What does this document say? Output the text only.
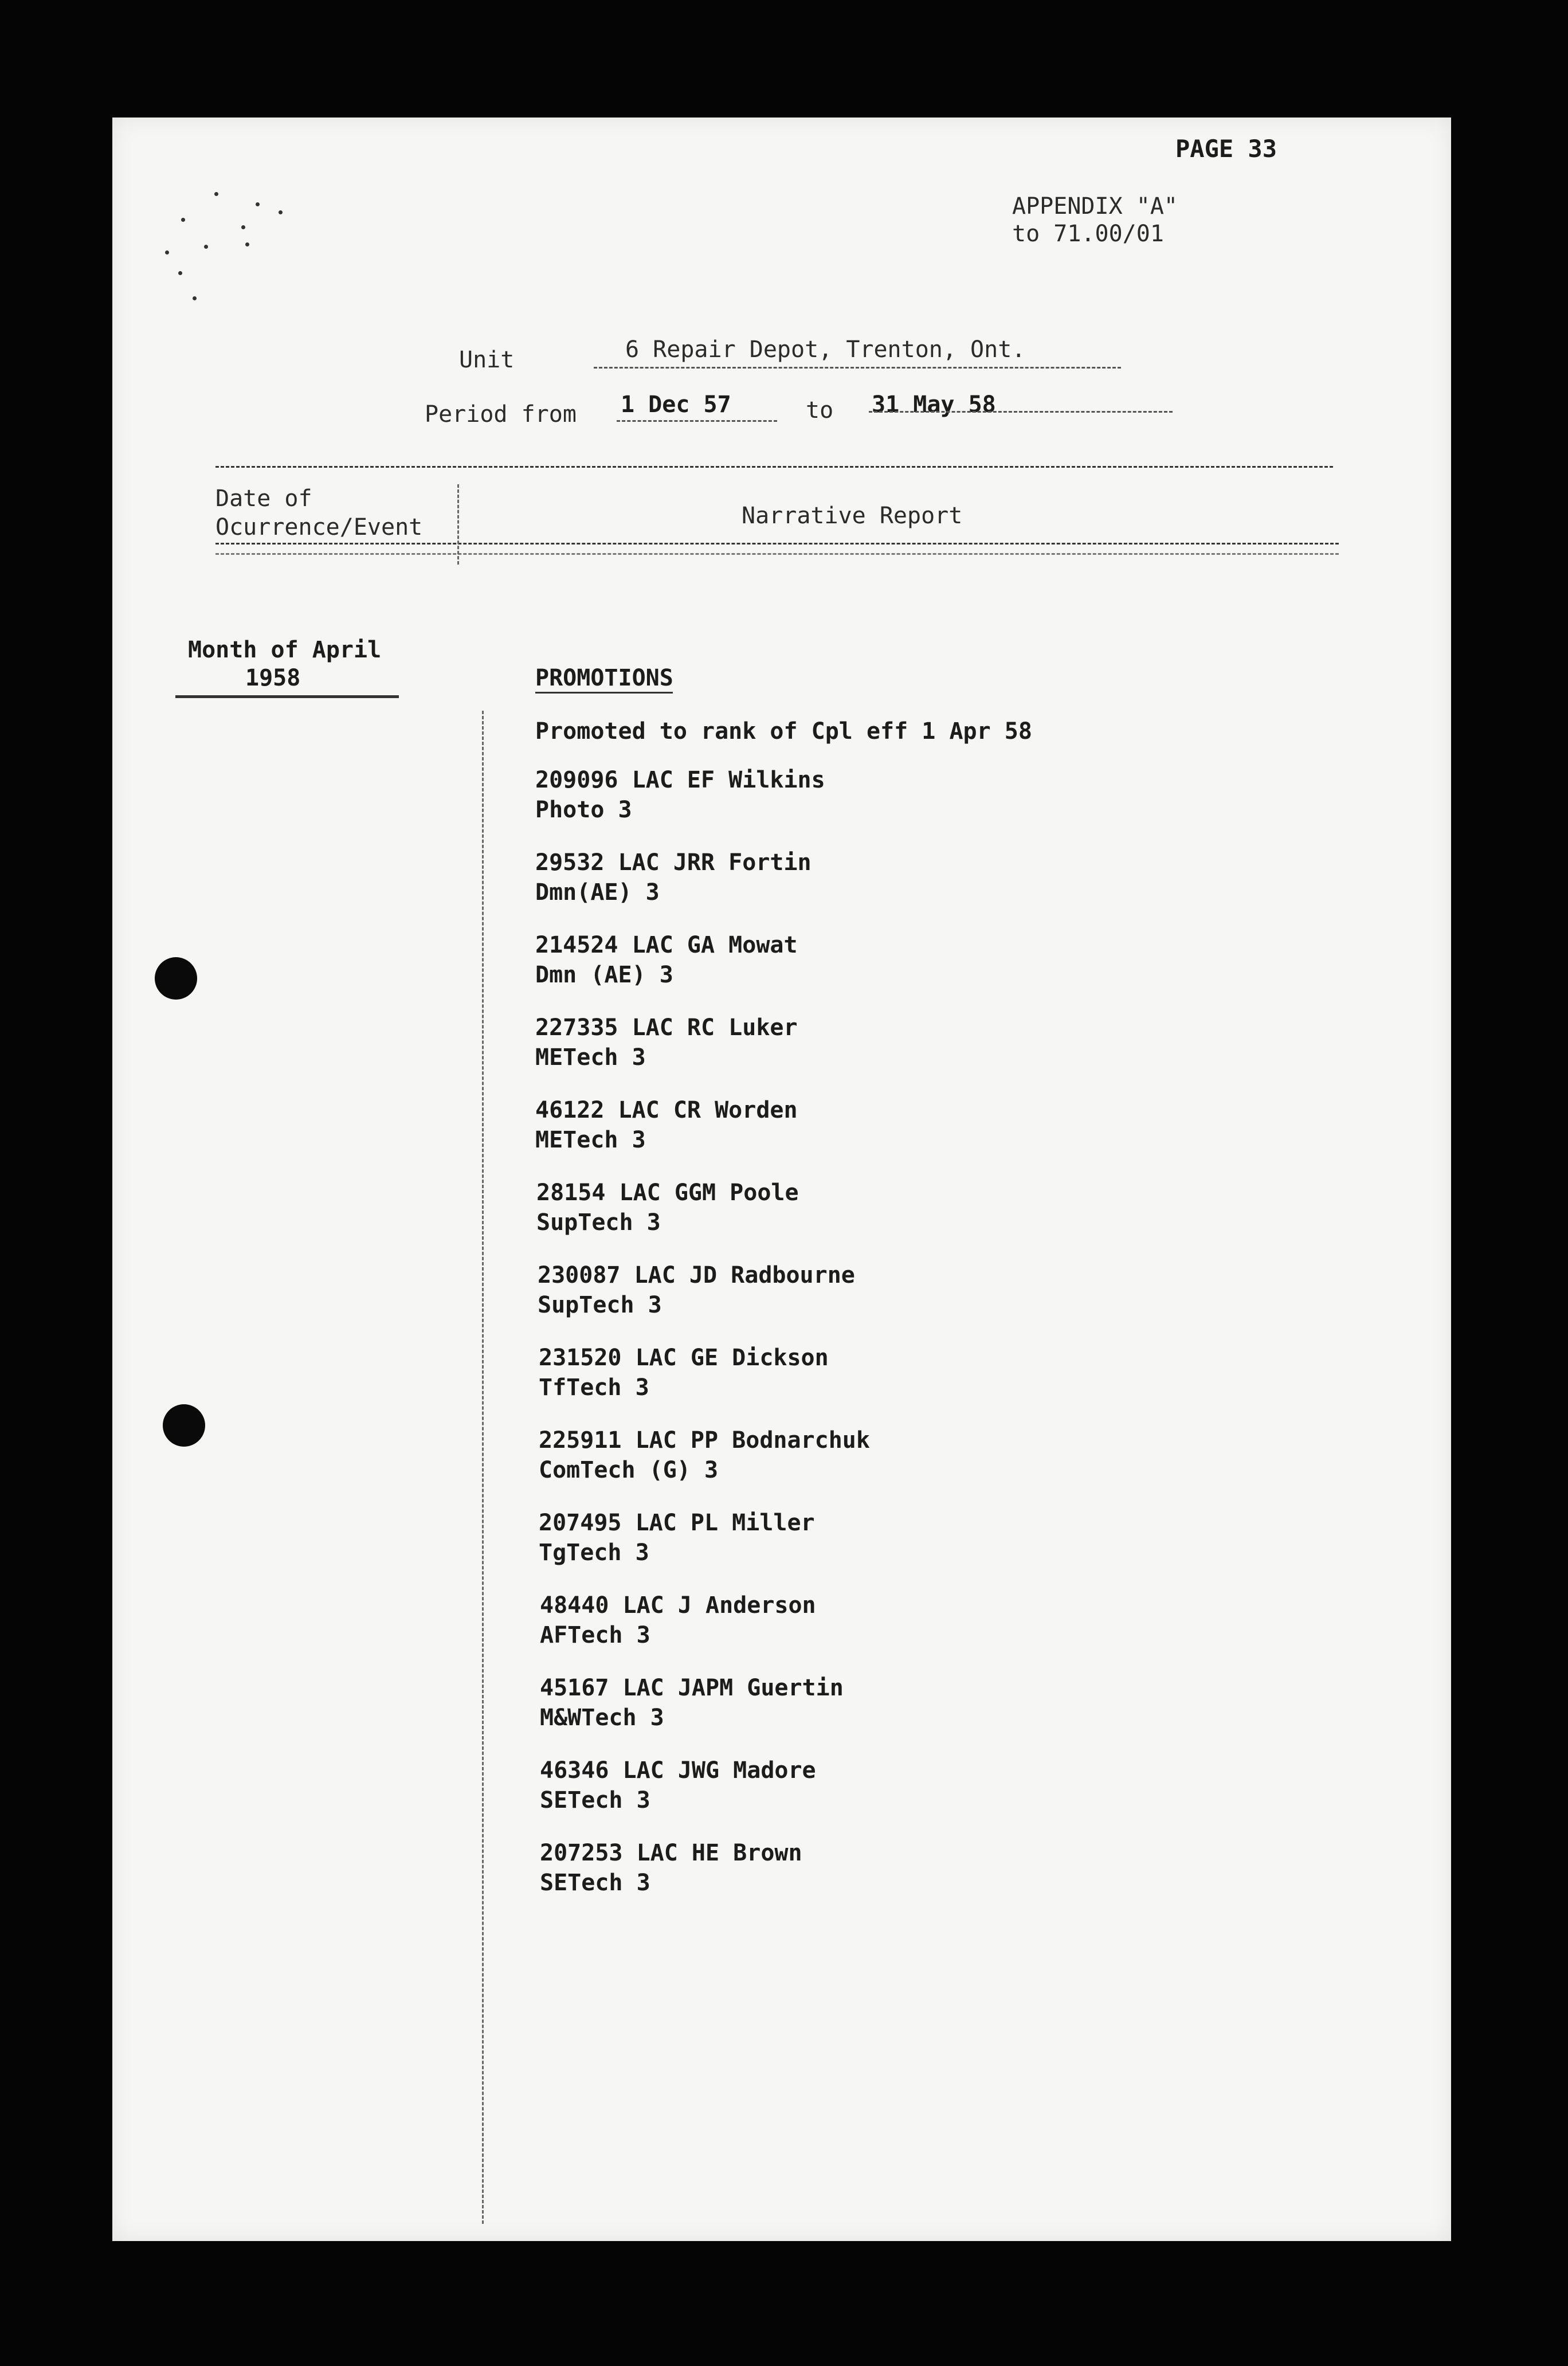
PAGE 33
APPENDIX "A"
to 71.00/01
Unit	6 Repair Depot, Trenton, Ont.
Period from 1 Dec 57	to 31 May 58
Date of
Ocurrence/Event	Narrative Report
Month of April
1958	PROMOTIONS
Promoted to rank of Cpl eff 1 Apr 58
209096 LAC EF Wilkins
Photo 3
29532 LAC JRR Fortin
Dmn(AE) 3
214524 LAC GA Mowat
Dmn (AE) 3
227335 LAC RC Luker
METech 3
46122 LAC CR Worden
METech 3
28154 LAC GGM Poole
SupTech 3
230087 LAC JD Radbourne
SupTech 3
231520 LAC GE Dickson
TfTech 3
225911 LAC PP Bodnarchuk
ComTech (G) 3
207495 LAC PL Miller
TgTech 3
48440 LAC J Anderson
AFTech 3
45167 LAC JAPM Guertin
M&WTech 3
46346 LAC JWG Madore
SETech 3
207253 LAC HE Brown
SETech 3
